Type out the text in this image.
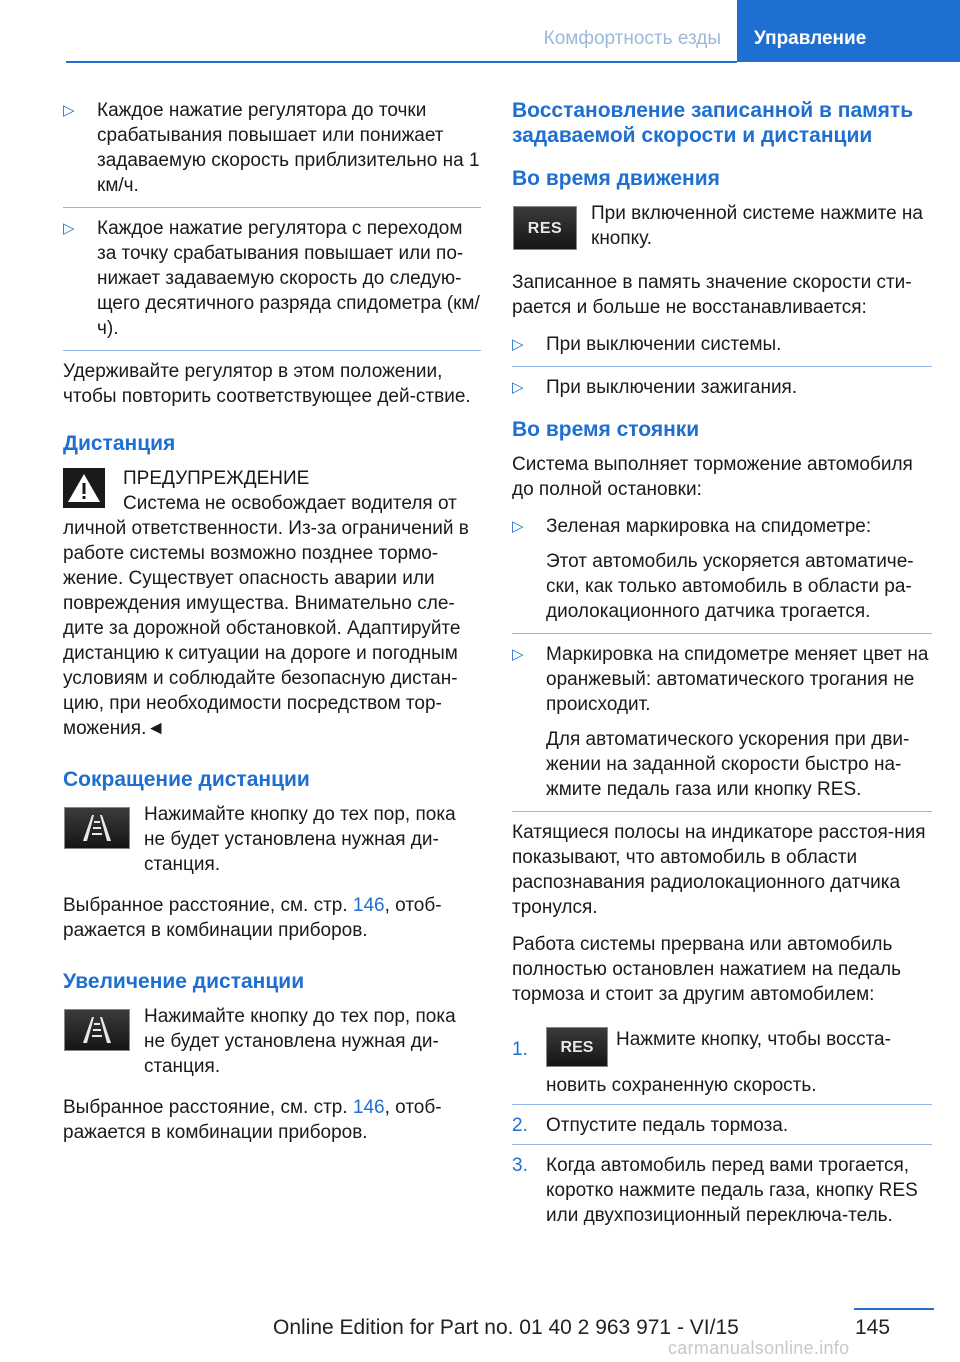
Комфортность езды	Управление
▷	Каждое нажатие регулятора до точки срабатывания повышает или понижает задаваемую скорость приблизительно на 1 км/ч.
▷	Каждое нажатие регулятора с переходом за точку срабатывания повышает или по-нижает задаваемую скорость до следую-щего десятичного разряда спидометра (км/ч).

Удерживайте регулятор в этом положении, чтобы повторить соответствующее дей-ствие.

Дистанция
ПРЕДУПРЕЖДЕНИЕ
Система не освобождает водителя от личной ответственности. Из-за ограничений в работе системы возможно позднее тормо-жение. Существует опасность аварии или повреждения имущества. Внимательно сле-дите за дорожной обстановкой. Адаптируйте дистанцию к ситуации на дороге и погодным условиям и соблюдайте безопасную дистан-цию, при необходимости посредством тор-можения.◄
Сокращение дистанции
Нажимайте кнопку до тех пор, пока не будет установлена нужная ди-станция.

Выбранное расстояние, см. стр. 146, отоб-ражается в комбинации приборов.

Увеличение дистанции
Нажимайте кнопку до тех пор, пока не будет установлена нужная ди-станция.

Выбранное расстояние, см. стр. 146, отоб-ражается в комбинации приборов.

Восстановление записанной в память задаваемой скорости и дистанции
Во время движения
RES
При включенной системе нажмите на кнопку.

Записанное в память значение скорости сти-рается и больше не восстанавливается:

▷	При выключении системы.
▷	При выключении зажигания.
Во время стоянки

Система выполняет торможение автомобиля до полной остановки:

▷	Зеленая маркировка на спидометре:

Этот автомобиль ускоряется автоматиче-ски, как только автомобиль в области ра-диолокационного датчика трогается.

▷	Маркировка на спидометре меняет цвет на оранжевый: автоматического трогания не происходит.

Для автоматического ускорения при дви-жении на заданной скорости быстро на-жмите педаль газа или кнопку RES.

Катящиеся полосы на индикаторе расстоя-ния показывают, что автомобиль в области распознавания радиолокационного датчика тронулся.

Работа системы прервана или автомобиль полностью остановлен нажатием на педаль тормоза и стоит за другим автомобилем:

1.	RES Нажмите кнопку, чтобы восста-новить сохраненную скорость.
2. Отпустите педаль тормоза.
3. Когда автомобиль перед вами трогается, коротко нажмите педаль газа, кнопку RES или двухпозиционный переключа-тель.
145
Online Edition for Part no. 01 40 2 963 971 - VI/15
carmanualsonline.info
